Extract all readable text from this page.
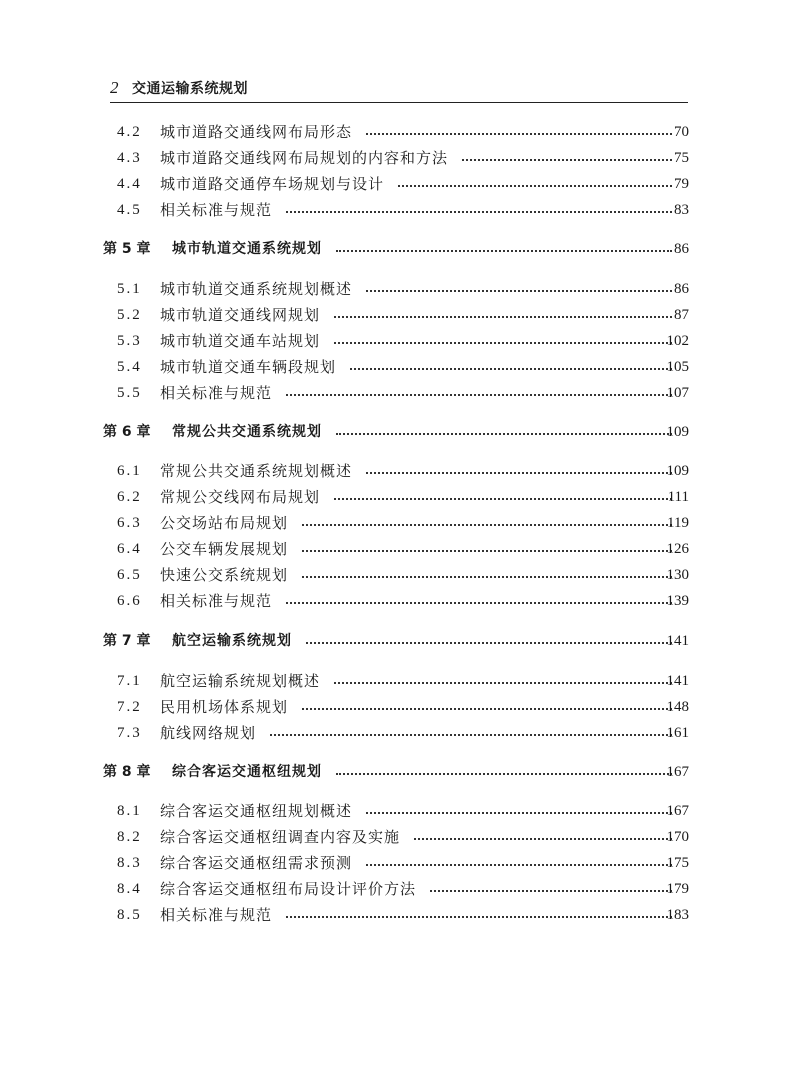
2 交通运输系统规划
4.2 城市道路交通线网布局形态	70
4.3 城市道路交通线网布局规划的内容和方法	75
4.4 城市道路交通停车场规划与设计	79
4.5 相关标准与规范	83
第 5 章 城市轨道交通系统规划	86
5.1 城市轨道交通系统规划概述	86
5.2 城市轨道交通线网规划	87
5.3 城市轨道交通车站规划	102
5.4 城市轨道交通车辆段规划	105
5.5 相关标准与规范	107
第 6 章 常规公共交通系统规划	109
6.1 常规公共交通系统规划概述	109
6.2 常规公交线网布局规划	111
6.3 公交场站布局规划	119
6.4 公交车辆发展规划	126
6.5 快速公交系统规划	130
6.6 相关标准与规范	139
第 7 章 航空运输系统规划	141
7.1 航空运输系统规划概述	141
7.2 民用机场体系规划	148
7.3 航线网络规划	161
第 8 章 综合客运交通枢纽规划	167
8.1 综合客运交通枢纽规划概述	167
8.2 综合客运交通枢纽调查内容及实施	170
8.3 综合客运交通枢纽需求预测	175
8.4 综合客运交通枢纽布局设计评价方法	179
8.5 相关标准与规范	183
